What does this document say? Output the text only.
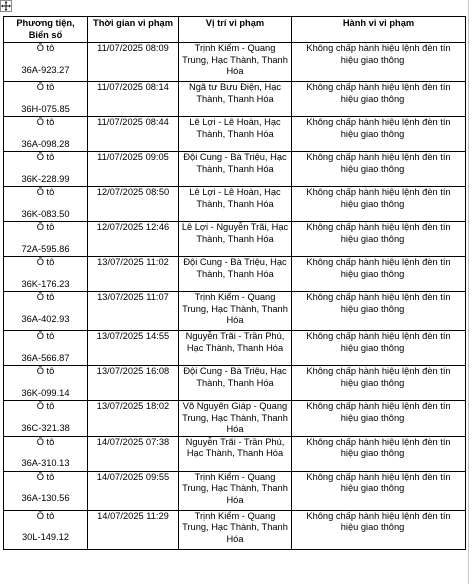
Phương tiện, Biển số	Thời gian vi phạm	Vị trí vi phạm	Hành vi vi phạm

Ô tô
36A-923.27	11/07/2025 08:09	Trịnh Kiểm - Quang Trung, Hạc Thành, Thanh Hóa	Không chấp hành hiệu lệnh đèn tín
hiệu giao thông

Ô tô
36H-075.85	11/07/2025 08:14	Ngã tư Bưu Điện, Hạc Thành, Thanh Hóa	Không chấp hành hiệu lệnh đèn tín
hiệu giao thông

Ô tô
36A-098.28	11/07/2025 08:44	Lê Lợi - Lê Hoàn, Hạc Thành, Thanh Hóa	Không chấp hành hiệu lệnh đèn tín
hiệu giao thông

Ô tô
36K-228.99	11/07/2025 09:05	Đội Cung - Bà Triệu, Hạc Thành, Thanh Hóa	Không chấp hành hiệu lệnh đèn tín
hiệu giao thông

Ô tô
36K-083.50	12/07/2025 08:50	Lê Lợi - Lê Hoàn, Hạc Thành, Thanh Hóa	Không chấp hành hiệu lệnh đèn tín
hiệu giao thông

Ô tô
72A-595.86	12/07/2025 12:46	Lê Lợi - Nguyễn Trãi, Hạc Thành, Thanh Hóa	Không chấp hành hiệu lệnh đèn tín
hiệu giao thông

Ô tô
36K-176.23	13/07/2025 11:02	Đội Cung - Bà Triệu, Hạc Thành, Thanh Hóa	Không chấp hành hiệu lệnh đèn tín
hiệu giao thông

Ô tô
36A-402.93	13/07/2025 11:07	Trịnh Kiểm - Quang Trung, Hạc Thành, Thanh Hóa	Không chấp hành hiệu lệnh đèn tín
hiệu giao thông

Ô tô
36A-566.87	13/07/2025 14:55	Nguyễn Trãi - Trần Phú, Hạc Thành, Thanh Hóa	Không chấp hành hiệu lệnh đèn tín
hiệu giao thông

Ô tô
36K-099.14	13/07/2025 16:08	Đội Cung - Bà Triệu, Hạc Thành, Thanh Hóa	Không chấp hành hiệu lệnh đèn tín
hiệu giao thông

Ô tô
36C-321.38	13/07/2025 18:02	Võ Nguyên Giáp - Quang Trung, Hạc Thành, Thanh Hóa	Không chấp hành hiệu lệnh đèn tín
hiệu giao thông

Ô tô
36A-310.13	14/07/2025 07:38	Nguyễn Trãi - Trần Phú, Hạc Thành, Thanh Hóa	Không chấp hành hiệu lệnh đèn tín
hiệu giao thông

Ô tô
36A-130.56	14/07/2025 09:55	Trịnh Kiểm - Quang Trung, Hạc Thành, Thanh Hóa	Không chấp hành hiệu lệnh đèn tín
hiệu giao thông

Ô tô
30L-149.12	14/07/2025 11:29	Trịnh Kiểm - Quang Trung, Hạc Thành, Thanh Hóa	Không chấp hành hiệu lệnh đèn tín
hiệu giao thông
